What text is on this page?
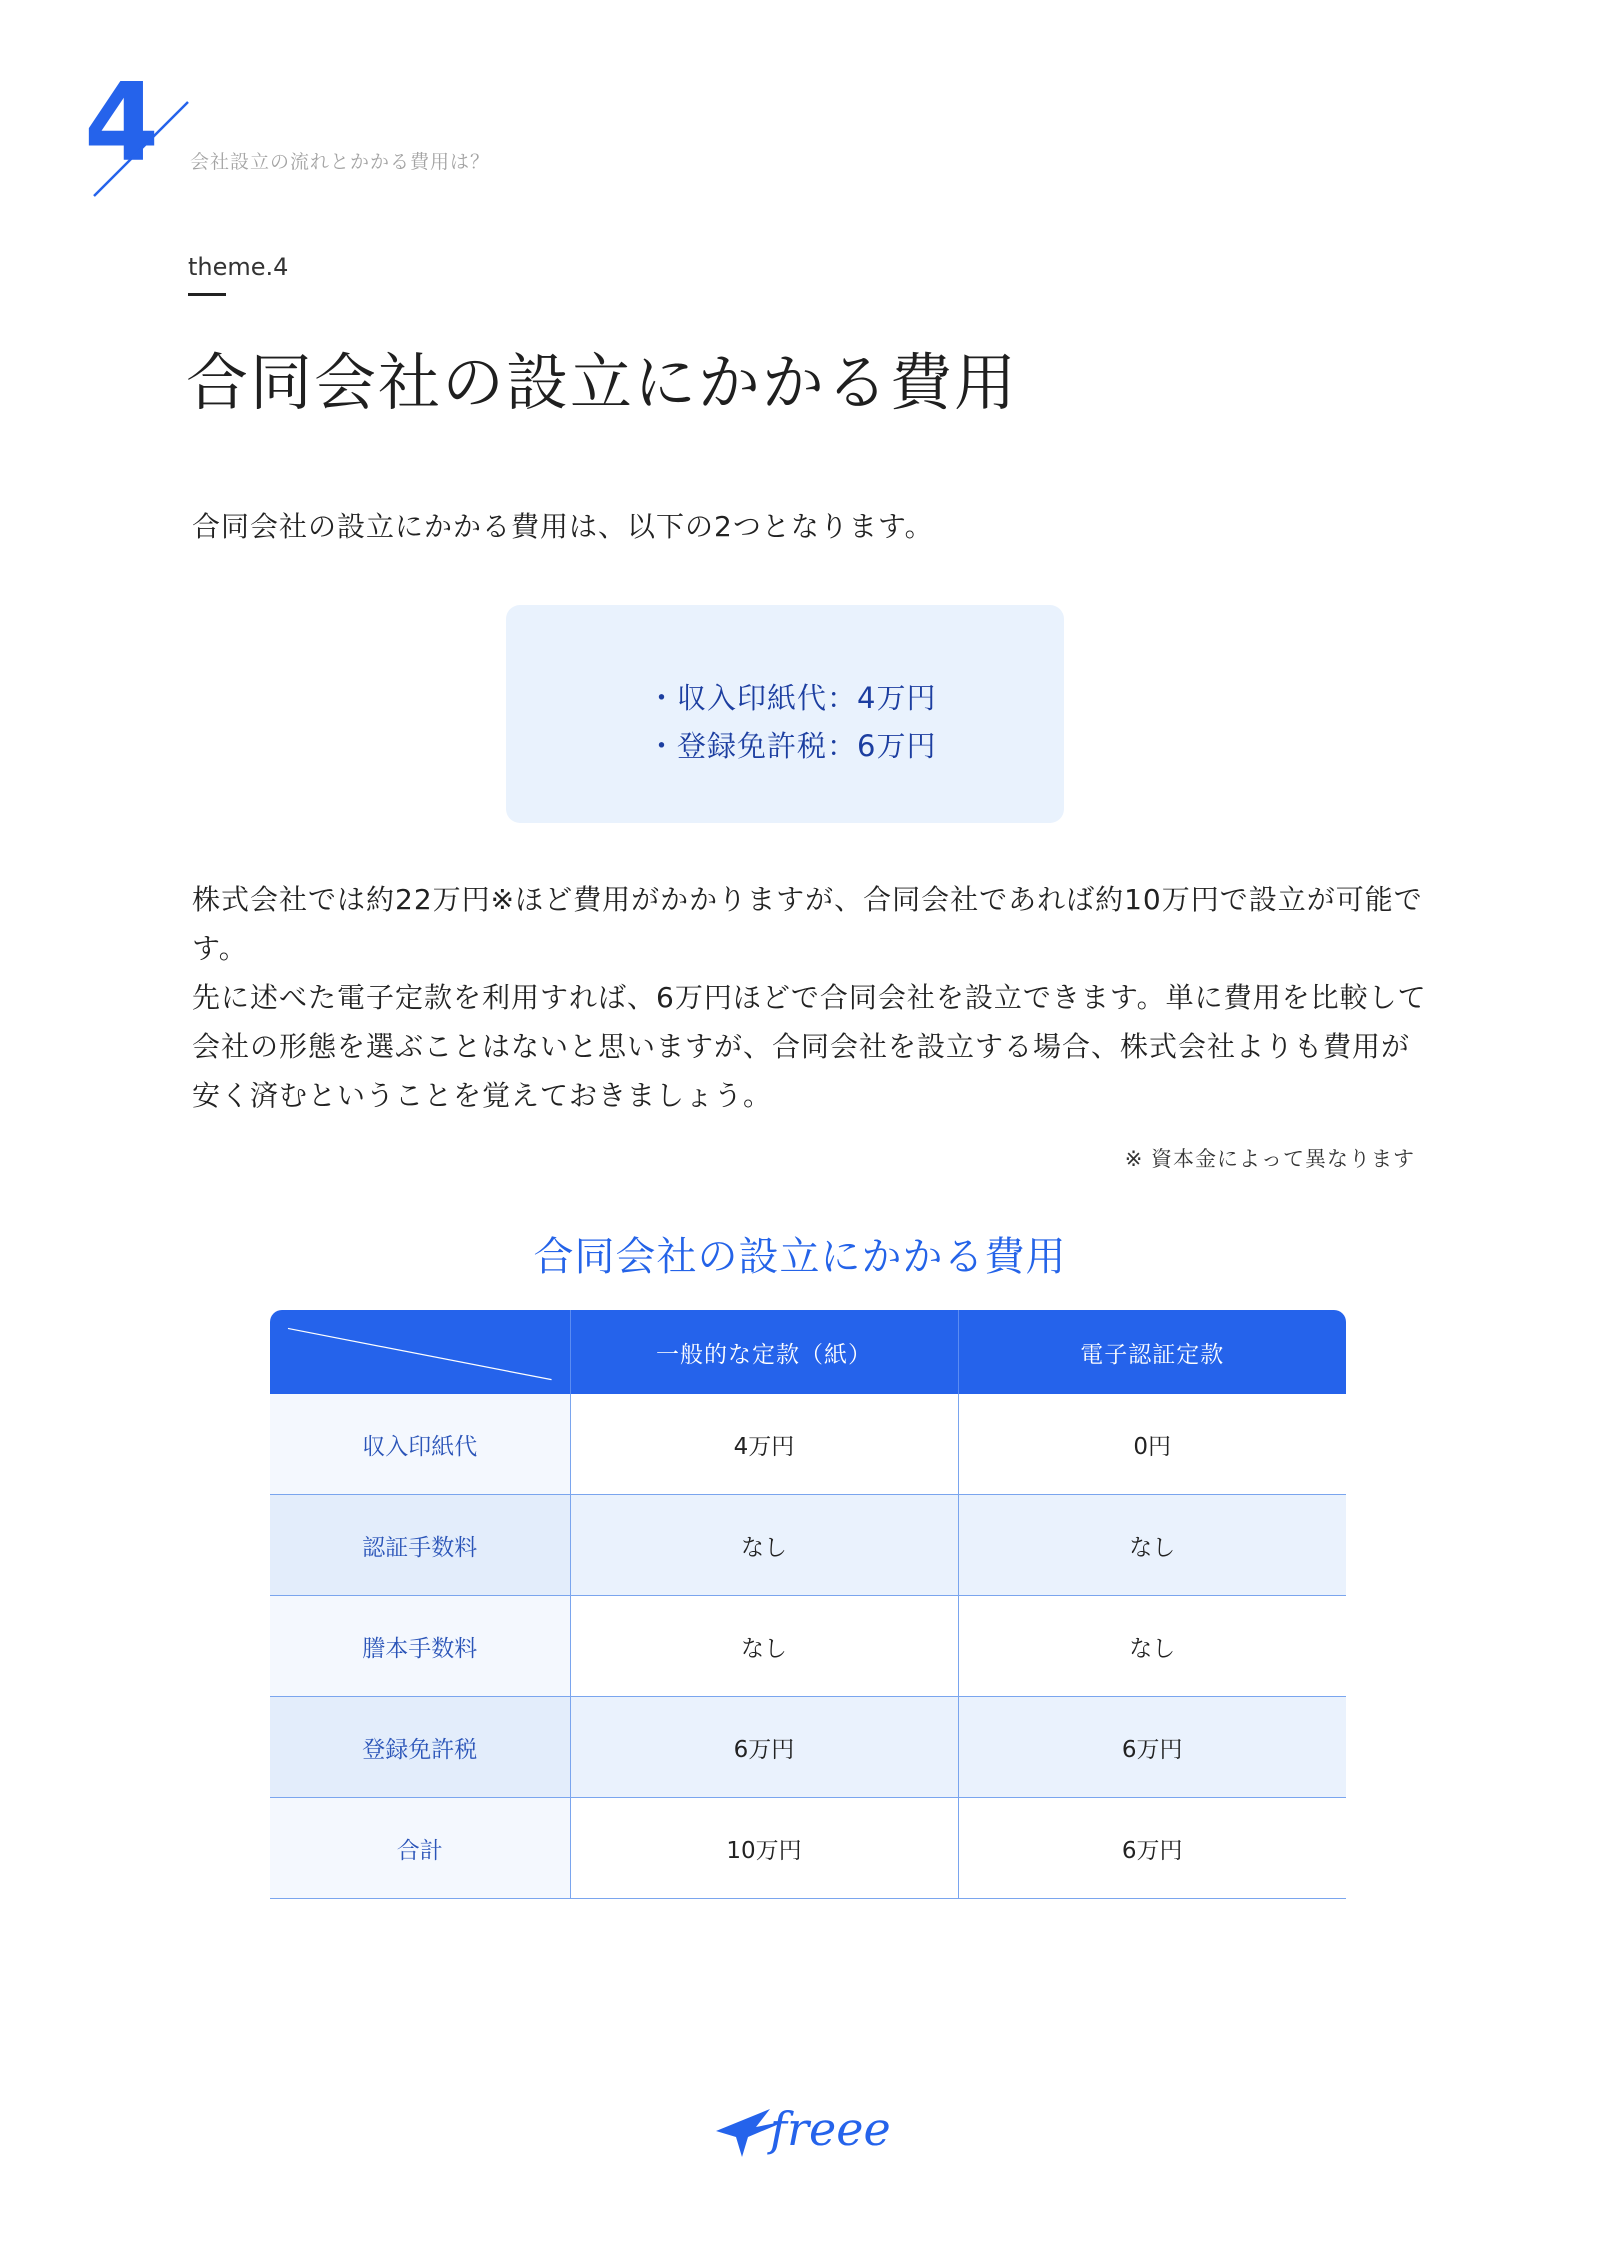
4 会社設立の流れとかかる費用は？
theme.4
合同会社の設立にかかる費用
合同会社の設立にかかる費用は、以下の2つとなります。
・収入印紙代：4万円
・登録免許税：6万円

株式会社では約22万円※ほど費用がかかりますが、合同会社であれば約10万円で設立が可能です。

先に述べた電子定款を利用すれば、6万円ほどで合同会社を設立できます。単に費用を比較して会社の形態を選ぶことはないと思いますが、合同会社を設立する場合、株式会社よりも費用が安く済むということを覚えておきましょう。

※ 資本金によって異なります
合同会社の設立にかかる費用
	一般的な定款（紙）	電子認証定款
収入印紙代	4万円	0円
認証手数料	なし	なし
謄本手数料	なし	なし
登録免許税	6万円	6万円
合計	10万円	6万円
freee
